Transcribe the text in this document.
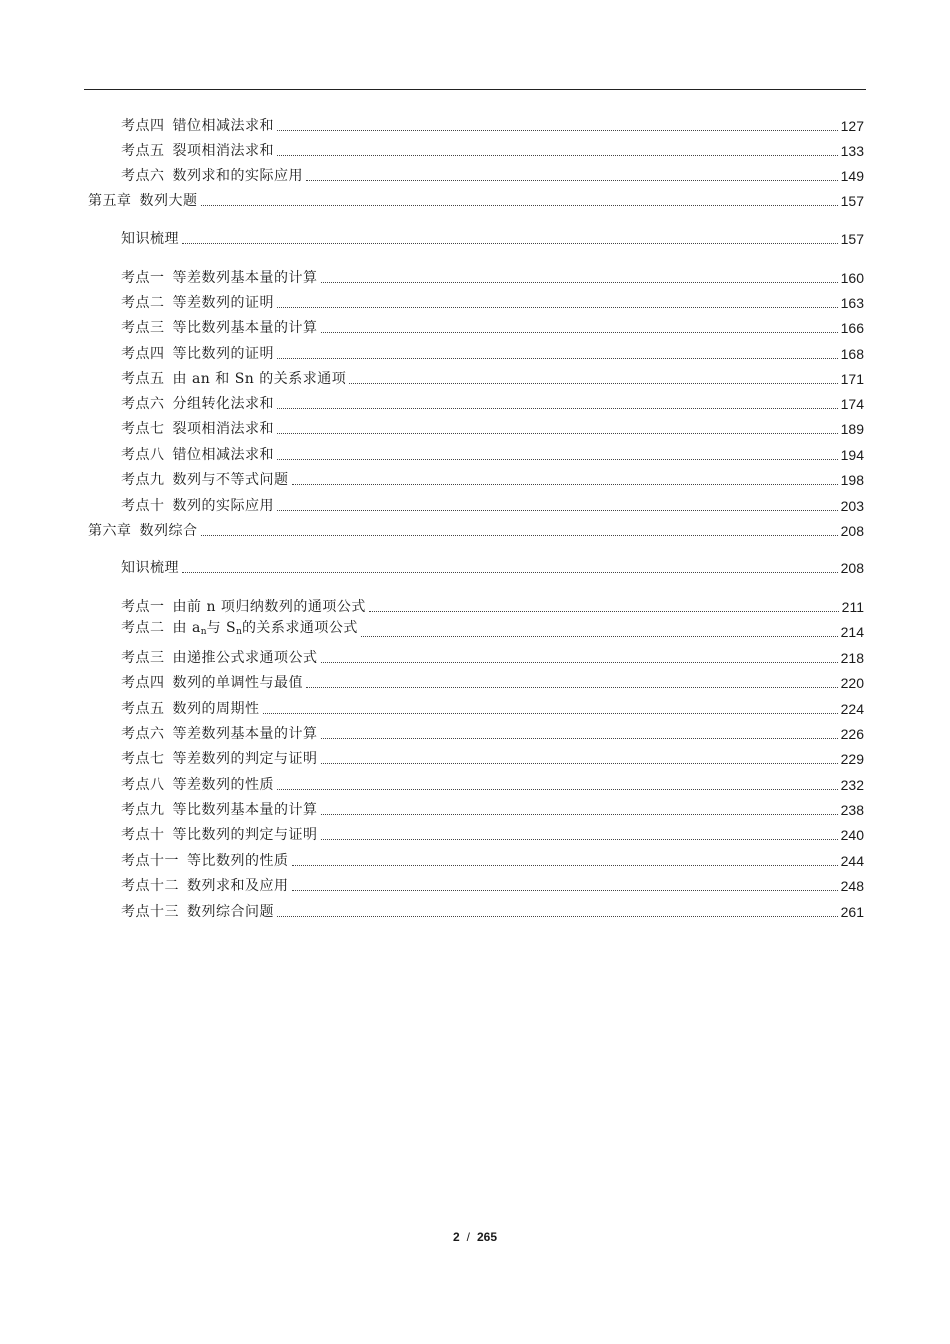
考点四 错位相减法求和	127
考点五 裂项相消法求和	133
考点六 数列求和的实际应用	149
第五章 数列大题	157
知识梳理	157
考点一 等差数列基本量的计算	160
考点二 等差数列的证明	163
考点三 等比数列基本量的计算	166
考点四 等比数列的证明	168
考点五 由 an 和 Sn 的关系求通项	171
考点六 分组转化法求和	174
考点七 裂项相消法求和	189
考点八 错位相减法求和	194
考点九 数列与不等式问题	198
考点十 数列的实际应用	203
第六章 数列综合	208
知识梳理	208
考点一 由前 n 项归纳数列的通项公式	211
考点二 由 $a_n$与 $S_n$的关系求通项公式	214
考点三 由递推公式求通项公式	218
考点四 数列的单调性与最值	220
考点五 数列的周期性	224
考点六 等差数列基本量的计算	226
考点七 等差数列的判定与证明	229
考点八 等差数列的性质	232
考点九 等比数列基本量的计算	238
考点十 等比数列的判定与证明	240
考点十一 等比数列的性质	244
考点十二 数列求和及应用	248
考点十三 数列综合问题	261
2 / 265
